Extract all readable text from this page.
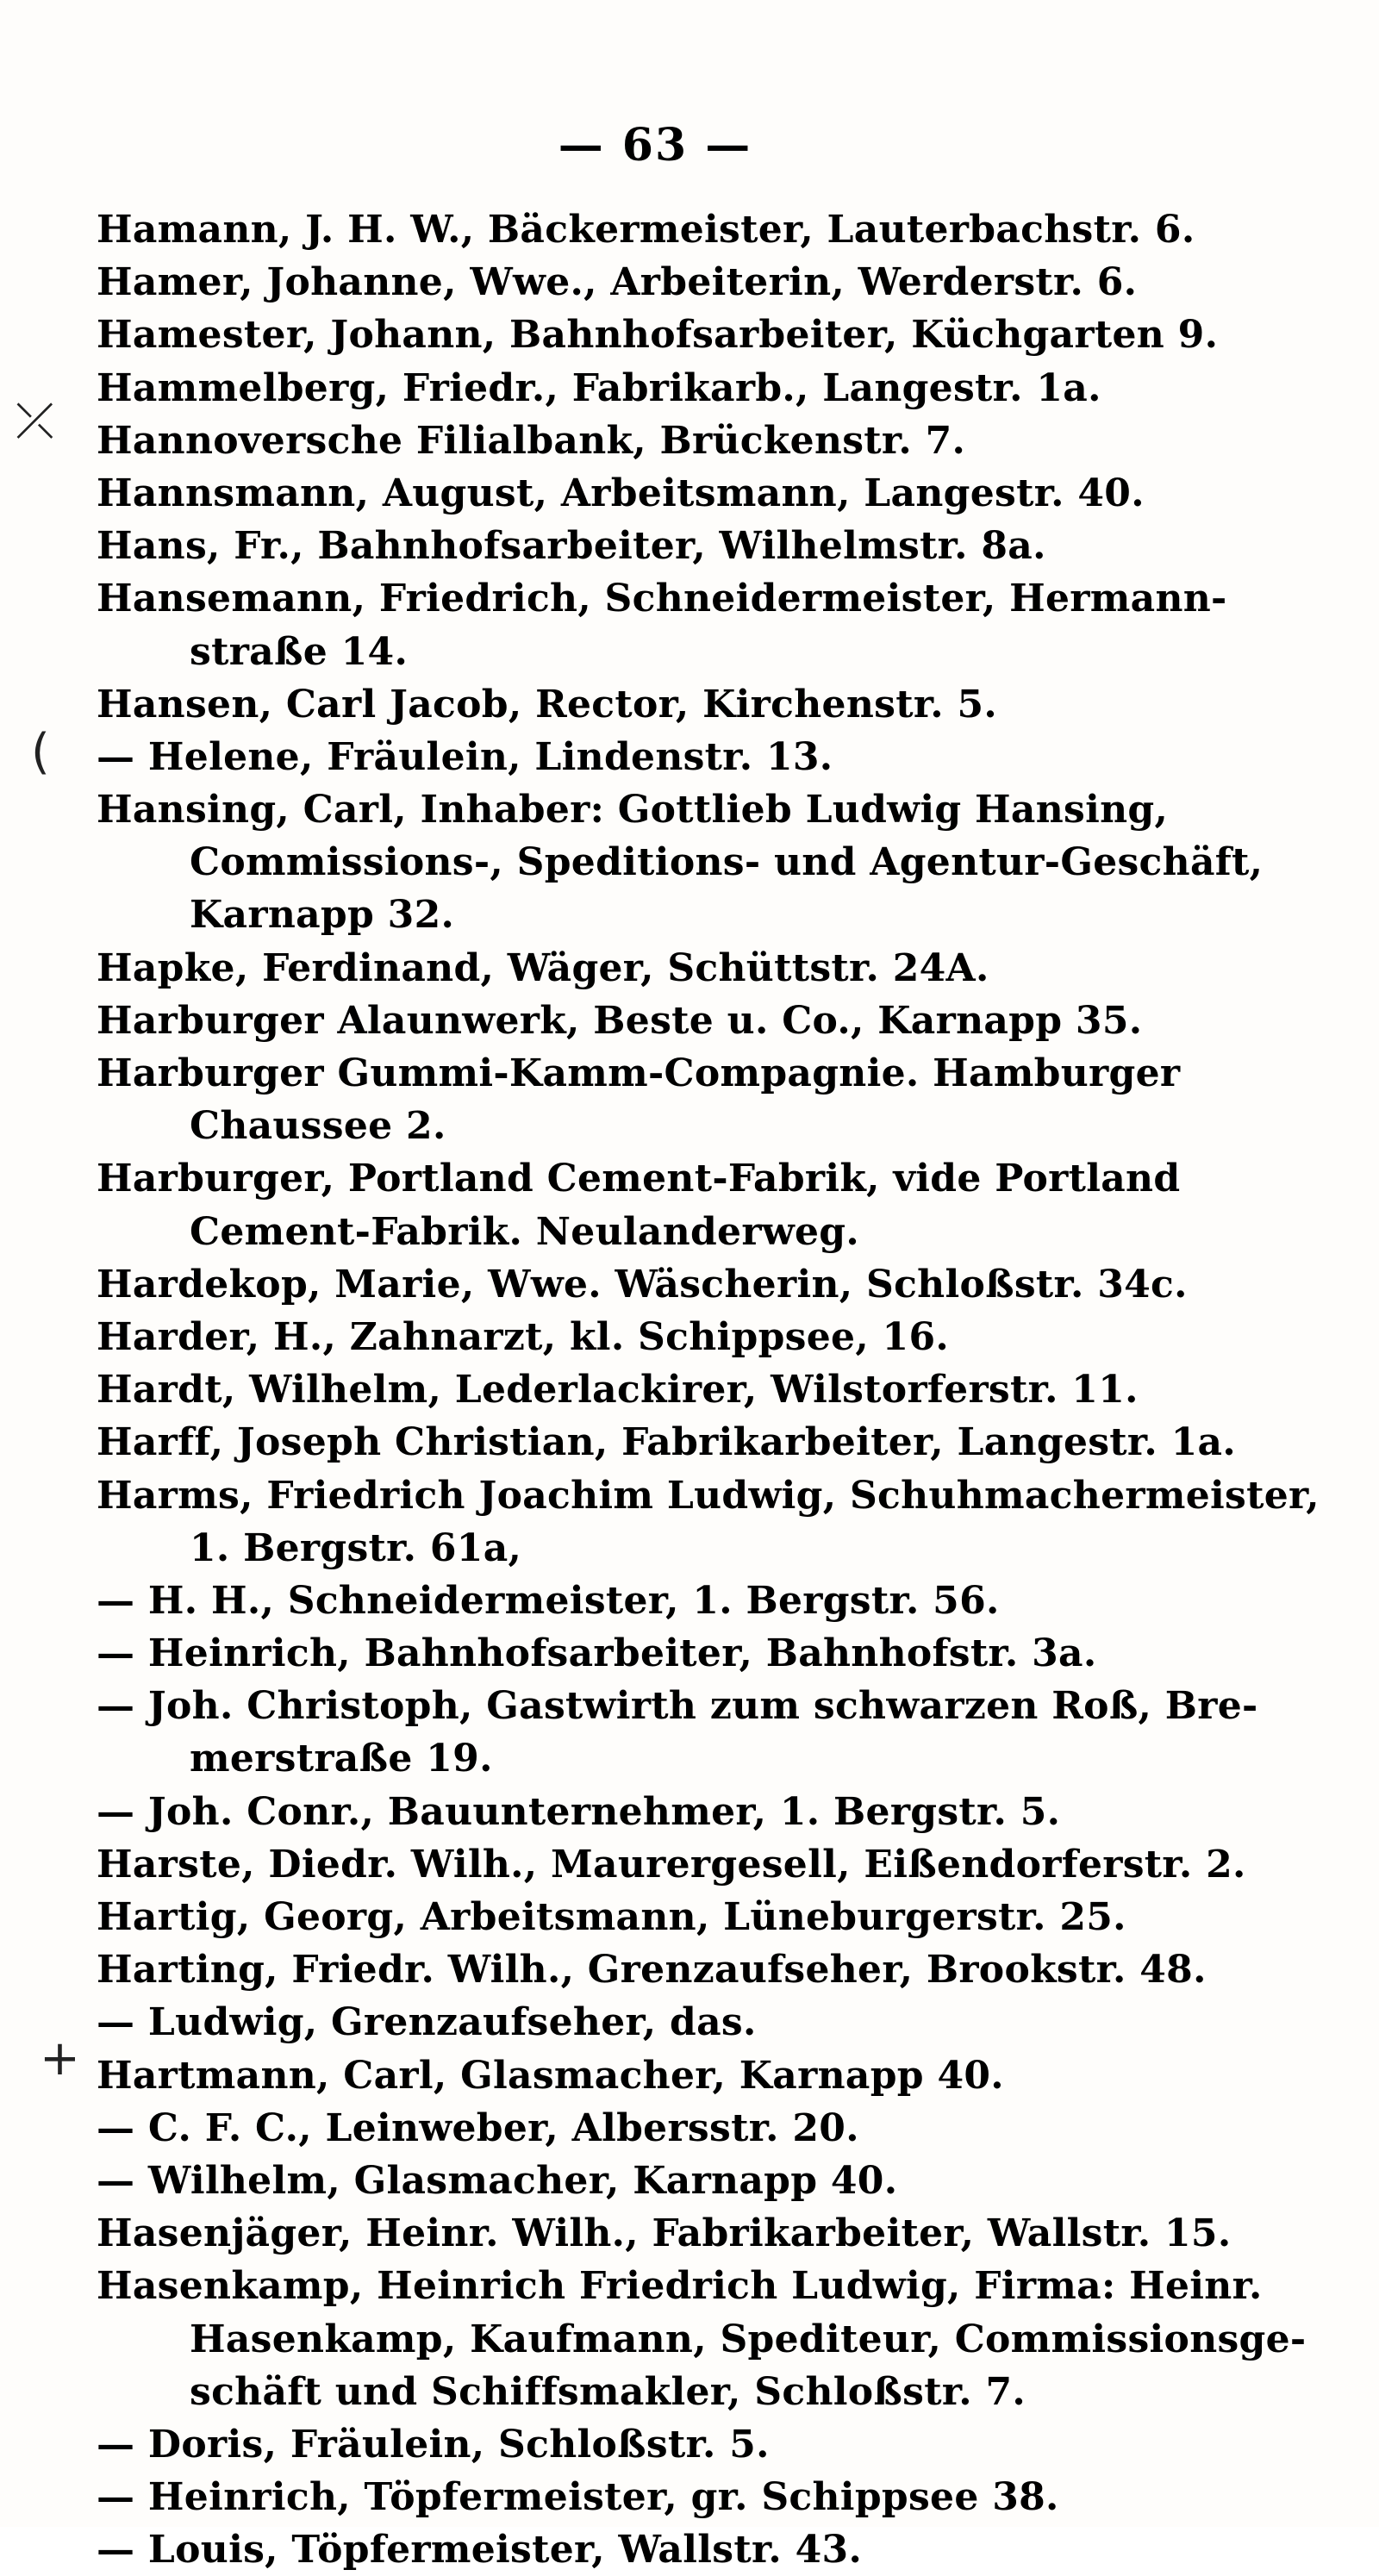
— 63 —
⤫
(
+
Hamann, J. H. W., Bäckermeister, Lauterbachstr. 6.
Hamer, Johanne, Wwe., Arbeiterin, Werderstr. 6.
Hamester, Johann, Bahnhofsarbeiter, Küchgarten 9.
Hammelberg, Friedr., Fabrikarb., Langestr. 1a.
Hannoversche Filialbank, Brückenstr. 7.
Hannsmann, August, Arbeitsmann, Langestr. 40.
Hans, Fr., Bahnhofsarbeiter, Wilhelmstr. 8a.
Hansemann, Friedrich, Schneidermeister, Hermann-
straße 14.
Hansen, Carl Jacob, Rector, Kirchenstr. 5.
— Helene, Fräulein, Lindenstr. 13.
Hansing, Carl, Inhaber: Gottlieb Ludwig Hansing,
Commissions-, Speditions- und Agentur-Geschäft,
Karnapp 32.
Hapke, Ferdinand, Wäger, Schüttstr. 24A.
Harburger Alaunwerk, Beste u. Co., Karnapp 35.
Harburger Gummi-Kamm-Compagnie. Hamburger
Chaussee 2.
Harburger, Portland Cement-Fabrik, vide Portland
Cement-Fabrik. Neulanderweg.
Hardekop, Marie, Wwe. Wäscherin, Schloßstr. 34c.
Harder, H., Zahnarzt, kl. Schippsee, 16.
Hardt, Wilhelm, Lederlackirer, Wilstorferstr. 11.
Harff, Joseph Christian, Fabrikarbeiter, Langestr. 1a.
Harms, Friedrich Joachim Ludwig, Schuhmachermeister,
1. Bergstr. 61a,
— H. H., Schneidermeister, 1. Bergstr. 56.
— Heinrich, Bahnhofsarbeiter, Bahnhofstr. 3a.
— Joh. Christoph, Gastwirth zum schwarzen Roß, Bre-
merstraße 19.
— Joh. Conr., Bauunternehmer, 1. Bergstr. 5.
Harste, Diedr. Wilh., Maurergesell, Eißendorferstr. 2.
Hartig, Georg, Arbeitsmann, Lüneburgerstr. 25.
Harting, Friedr. Wilh., Grenzaufseher, Brookstr. 48.
— Ludwig, Grenzaufseher, das.
Hartmann, Carl, Glasmacher, Karnapp 40.
— C. F. C., Leinweber, Albersstr. 20.
— Wilhelm, Glasmacher, Karnapp 40.
Hasenjäger, Heinr. Wilh., Fabrikarbeiter, Wallstr. 15.
Hasenkamp, Heinrich Friedrich Ludwig, Firma: Heinr.
Hasenkamp, Kaufmann, Spediteur, Commissionsge-
schäft und Schiffsmakler, Schloßstr. 7.
— Doris, Fräulein, Schloßstr. 5.
— Heinrich, Töpfermeister, gr. Schippsee 38.
— Louis, Töpfermeister, Wallstr. 43.
